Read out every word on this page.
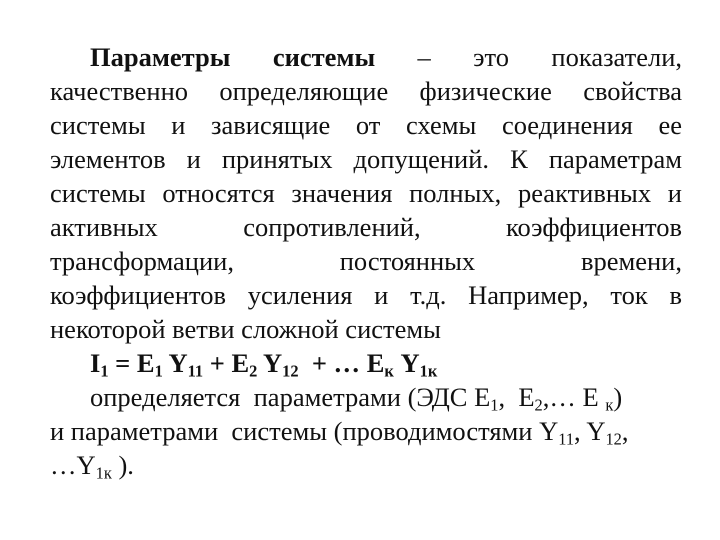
Параметры системы – это показатели,
качественно определяющие физические свойства
системы и зависящие от схемы соединения ее
элементов и принятых допущений. К параметрам
системы относятся значения полных, реактивных и
активных сопротивлений, коэффициентов
трансформации, постоянных времени,
коэффициентов усиления и т.д. Например, ток в
некоторой ветви сложной системы
$I_1 = E_1$ $Y_{11} + E_2$ $Y_{12}$  + … $E_к$ $Y_{1к}$
определяется  параметрами (ЭДС $E_1$,  $E_2,\dots$ E $_к$)
и параметрами  системы (проводимостями $Y_{11}$, $Y_{12}$,
$\dots Y_{1к}$ ).
